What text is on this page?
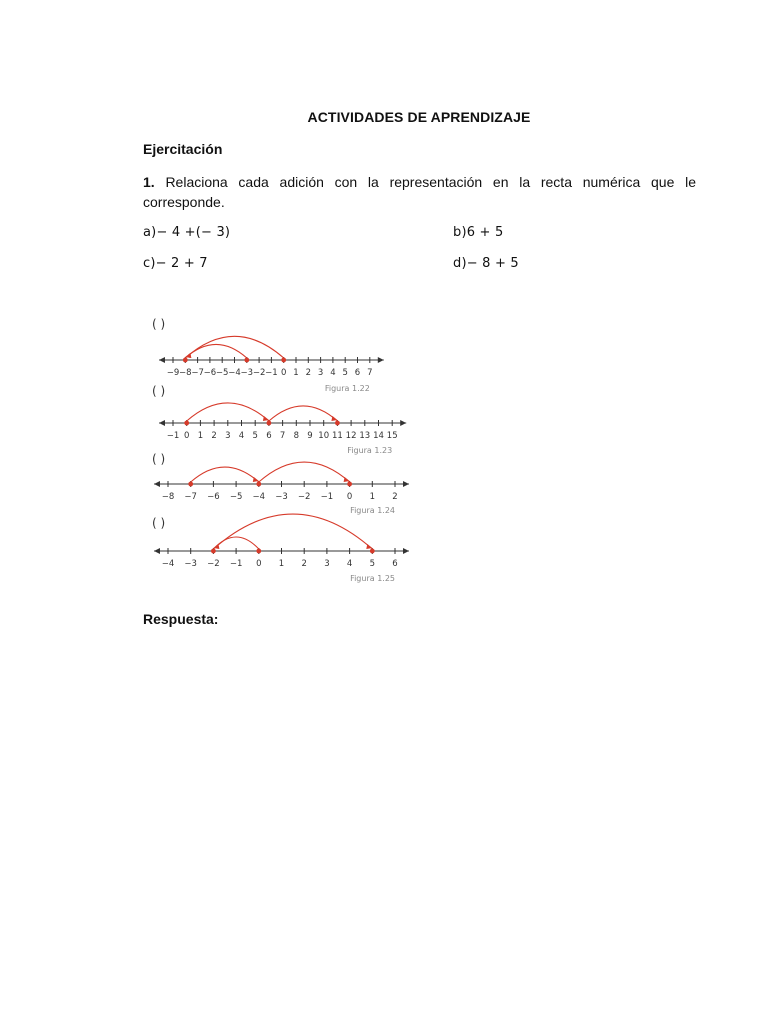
ACTIVIDADES DE APRENDIZAJE
Ejercitación
1. Relaciona cada adición con la representación en la recta numérica que le corresponde.
a)− 4 +(− 3)	b)6 + 5
c)− 2 + 7	d)− 8 + 5
( )
−9 −8 −7 −6 −5 −4 −3 −2 −1 0 1 2 3 4 5 6 7
Figura 1.22
( )
−1 0 1 2 3 4 5 6 7 8 9 10 11 12 13 14 15
Figura 1.23
( )
−8 −7 −6 −5 −4 −3 −2 −1 0 1 2
Figura 1.24
( )
−4 −3 −2 −1 0 1 2 3 4 5 6
Figura 1.25
Respuesta:
